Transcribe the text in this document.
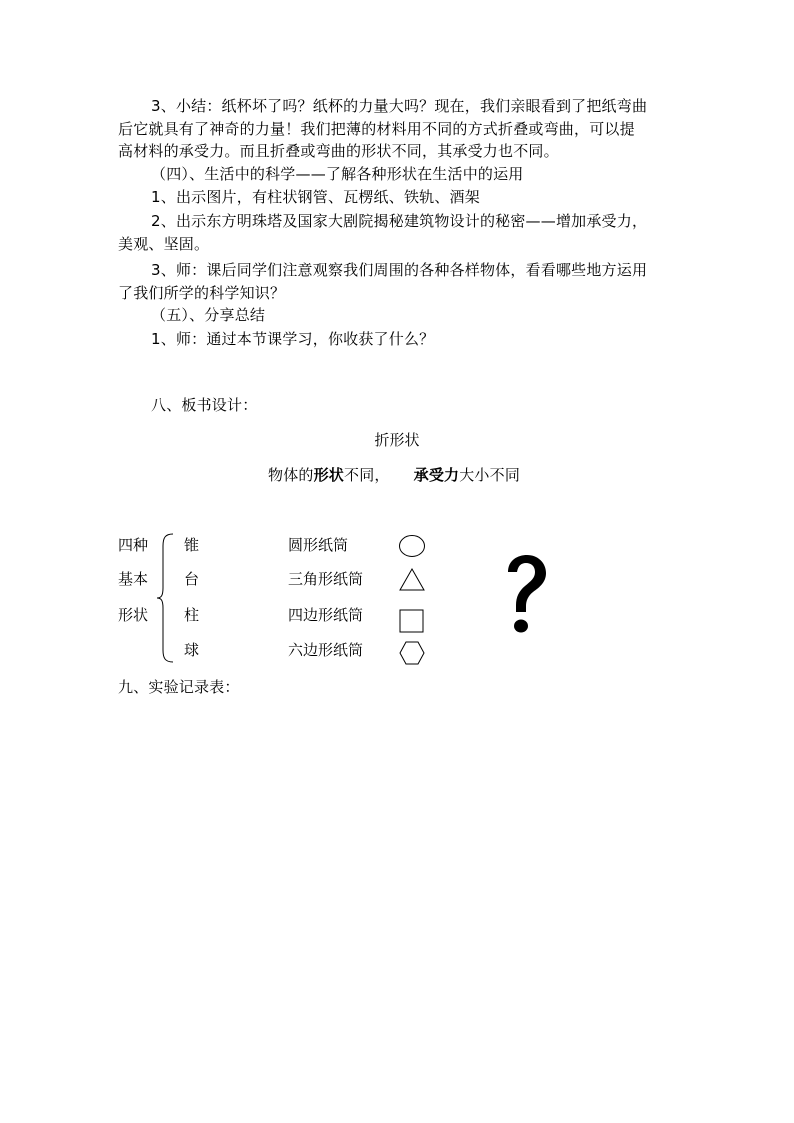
3、小结：纸杯坏了吗？纸杯的力量大吗？现在，我们亲眼看到了把纸弯曲
后它就具有了神奇的力量！我们把薄的材料用不同的方式折叠或弯曲，可以提
高材料的承受力。而且折叠或弯曲的形状不同，其承受力也不同。
（四）、生活中的科学——了解各种形状在生活中的运用
1、出示图片，有柱状钢管、瓦楞纸、铁轨、酒架
2、出示东方明珠塔及国家大剧院揭秘建筑物设计的秘密——增加承受力，
美观、坚固。
3、师：课后同学们注意观察我们周围的各种各样物体，看看哪些地方运用
了我们所学的科学知识？
（五）、分享总结
1、师：通过本节课学习，你收获了什么？
八、板书设计：
折形状
物体的形状不同， 承受力大小不同
四种
基本
形状
锥
台
柱
球
圆形纸筒
三角形纸筒
四边形纸筒
六边形纸筒
九、实验记录表：
